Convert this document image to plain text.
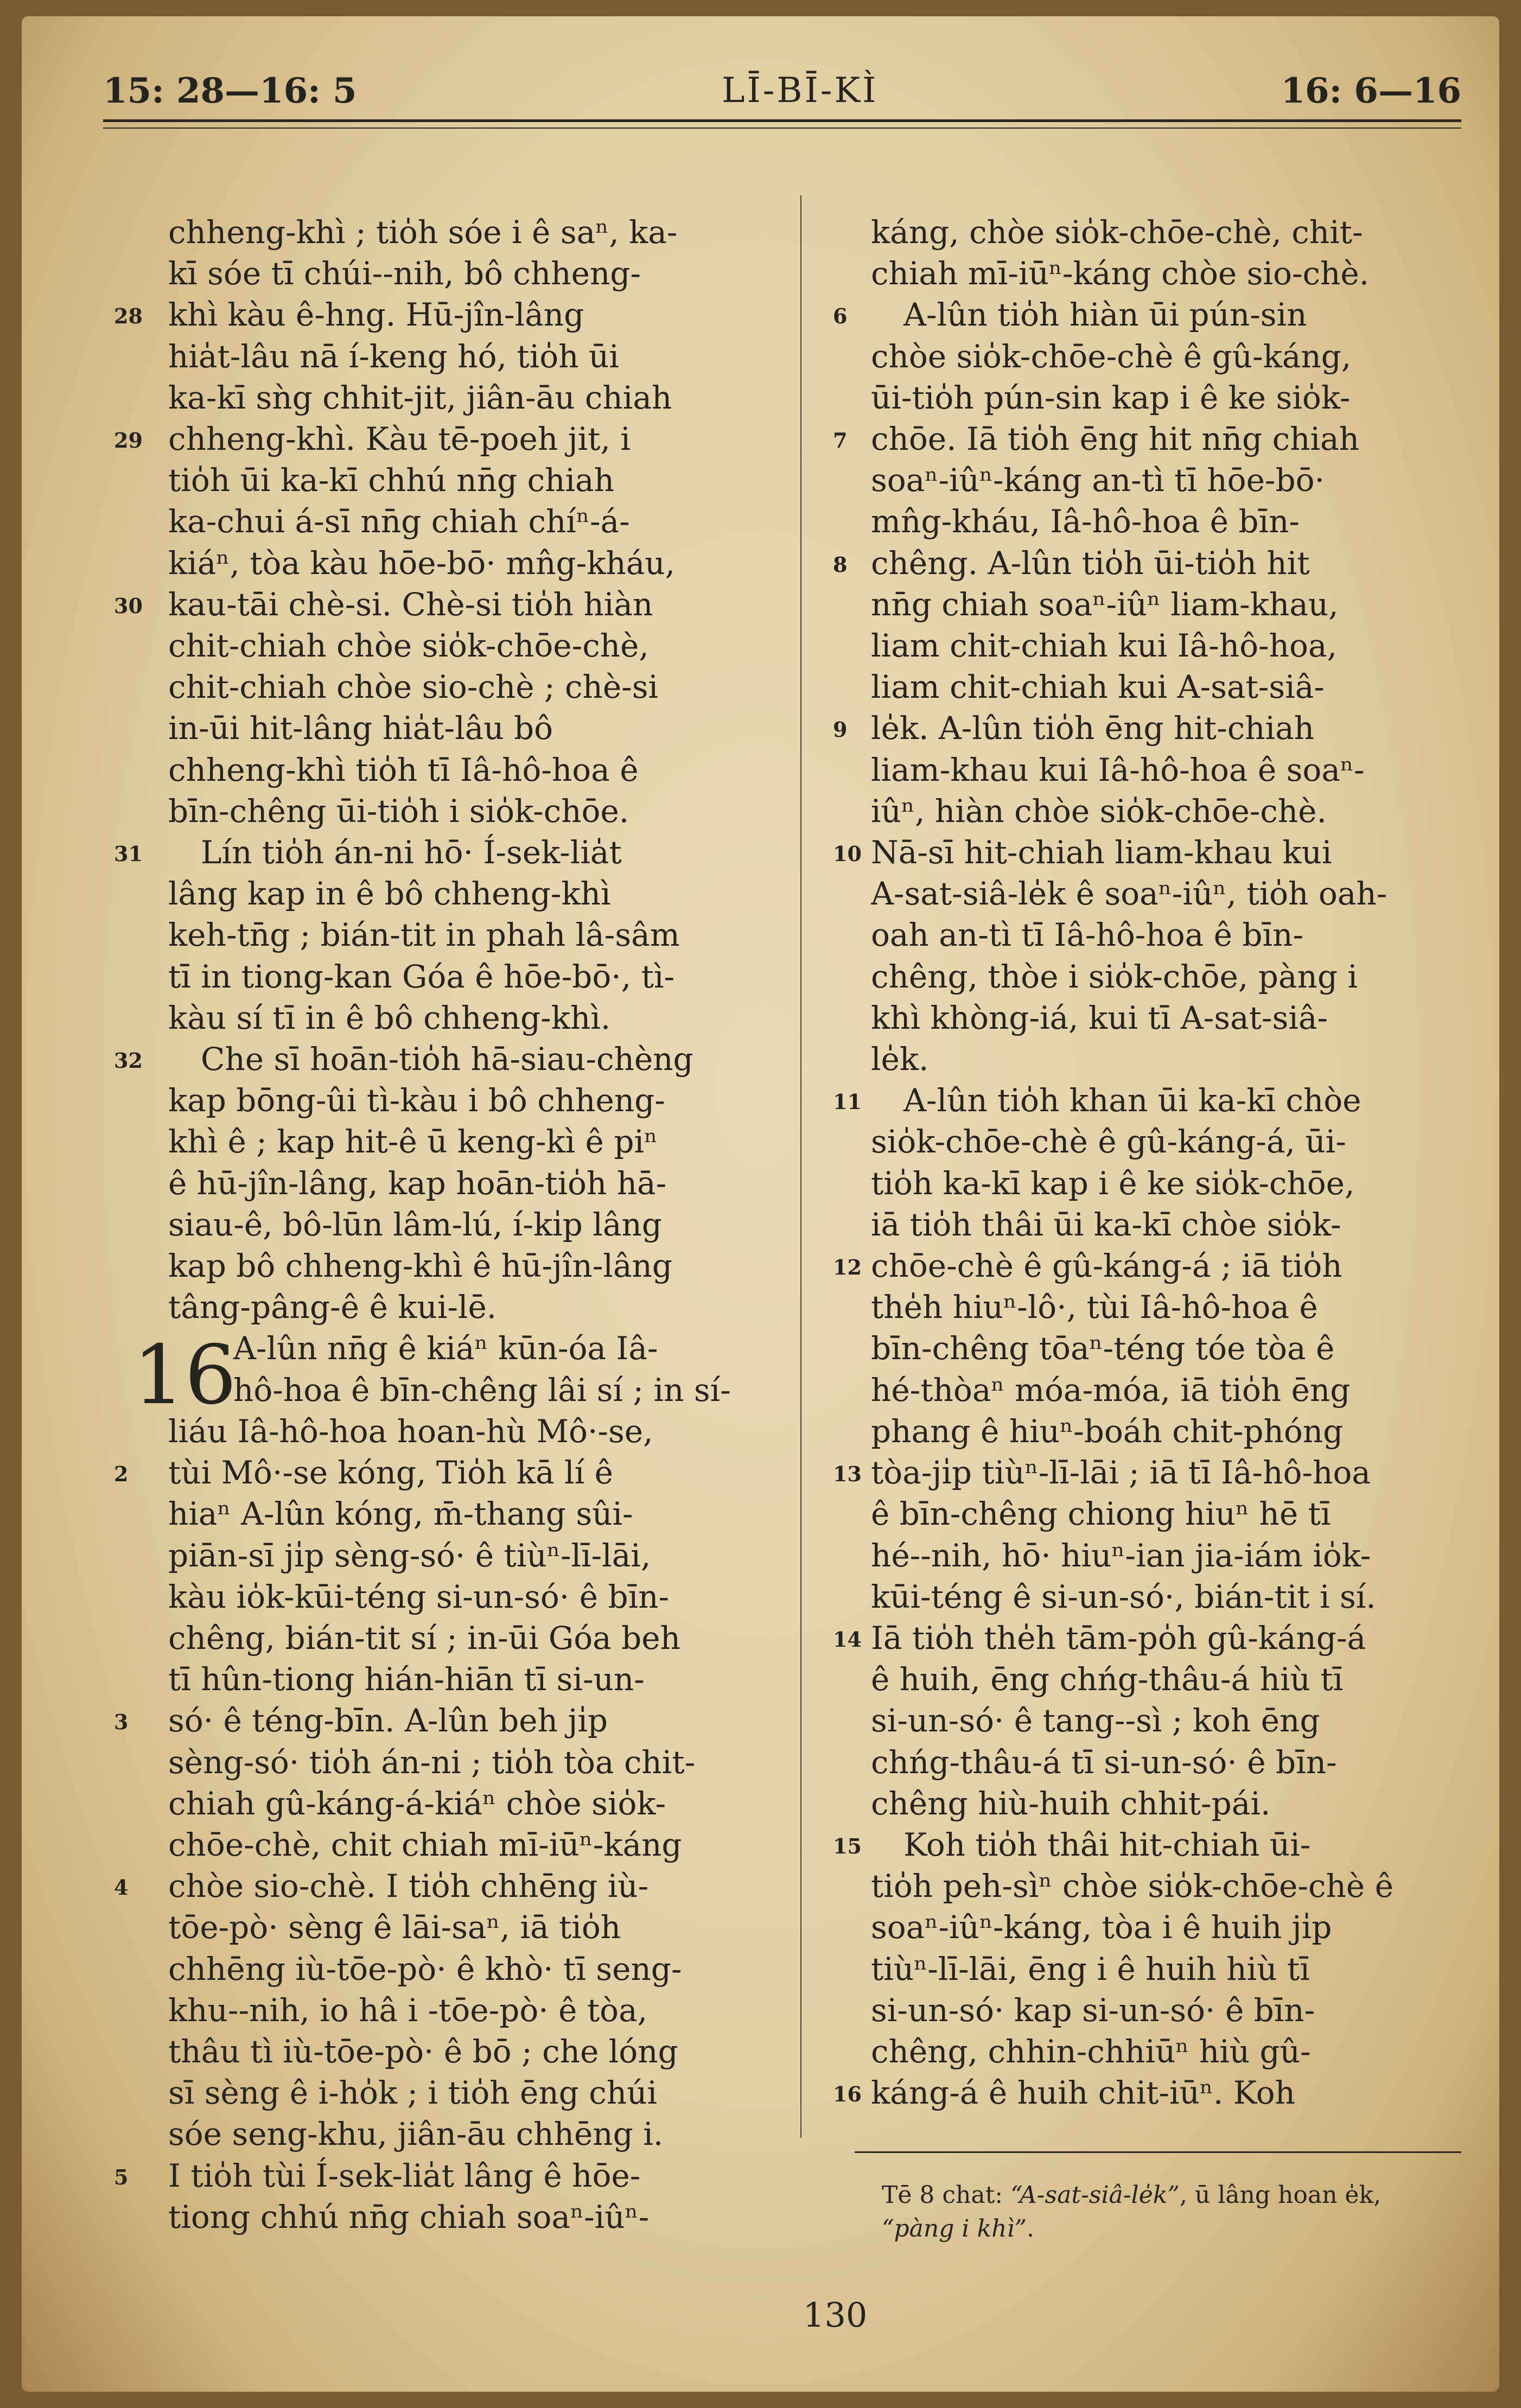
15: 28—16: 5	LĪ-BĪ-KÌ	16: 6—16
28
29
30
31
32
16
2
3
4
5
chheng-khì ; tio̍h sóe i ê saⁿ, ka-
kī sóe tī chúi--nih, bô chheng-
khì kàu ê-hng. Hū-jîn-lâng
hia̍t-lâu nā í-keng hó, tio̍h ūi
ka-kī sǹg chhit-jit, jiân-āu chiah
chheng-khì. Kàu tē-poeh jit, i
tio̍h ūi ka-kī chhú nn̄g chiah
ka-chui á-sī nn̄g chiah chíⁿ-á-
kiáⁿ, tòa kàu hōe-bō· mn̂g-kháu,
kau-tāi chè-si. Chè-si tio̍h hiàn
chit-chiah chòe sio̍k-chōe-chè,
chit-chiah chòe sio-chè ; chè-si
in-ūi hit-lâng hia̍t-lâu bô
chheng-khì tio̍h tī Iâ-hô-hoa ê
bīn-chêng ūi-tio̍h i sio̍k-chōe.
Lín tio̍h án-ni hō· Í-sek-lia̍t
lâng kap in ê bô chheng-khì
keh-tn̄g ; bián-tit in phah lâ-sâm
tī in tiong-kan Góa ê hōe-bō·, tì-
kàu sí tī in ê bô chheng-khì.
Che sī hoān-tio̍h hā-siau-chèng
kap bōng-ûi tì-kàu i bô chheng-
khì ê ; kap hit-ê ū keng-kì ê piⁿ
ê hū-jîn-lâng, kap hoān-tio̍h hā-
siau-ê, bô-lūn lâm-lú, í-ki̍p lâng
kap bô chheng-khì ê hū-jîn-lâng
tâng-pâng-ê ê kui-lē.
A-lûn nn̄g ê kiáⁿ kūn-óa Iâ-
hô-hoa ê bīn-chêng lâi sí ; in sí-
liáu Iâ-hô-hoa hoan-hù Mô·-se,
tùi Mô·-se kóng, Tio̍h kā lí ê
hiaⁿ A-lûn kóng, m̄-thang sûi-
piān-sī ji̍p sèng-só· ê tiùⁿ-lī-lāi,
kàu io̍k-kūi-téng si-un-só· ê bīn-
chêng, bián-tit sí ; in-ūi Góa beh
tī hûn-tiong hián-hiān tī si-un-
só· ê téng-bīn. A-lûn beh ji̍p
sèng-só· tio̍h án-ni ; tio̍h tòa chit-
chiah gû-káng-á-kiáⁿ chòe sio̍k-
chōe-chè, chit chiah mī-iūⁿ-káng
chòe sio-chè. I tio̍h chhēng iù-
tōe-pò· sèng ê lāi-saⁿ, iā tio̍h
chhēng iù-tōe-pò· ê khò· tī seng-
khu--nih, io hâ i -tōe-pò· ê tòa,
thâu tì iù-tōe-pò· ê bō ; che lóng
sī sèng ê i-ho̍k ; i tio̍h ēng chúi
sóe seng-khu, jiân-āu chhēng i.
I tio̍h tùi Í-sek-lia̍t lâng ê hōe-
tiong chhú nn̄g chiah soaⁿ-iûⁿ-
6
7
8
9
10
11
12
13
14
15
16
káng, chòe sio̍k-chōe-chè, chit-
chiah mī-iūⁿ-káng chòe sio-chè.
A-lûn tio̍h hiàn ūi pún-sin
chòe sio̍k-chōe-chè ê gû-káng,
ūi-tio̍h pún-sin kap i ê ke sio̍k-
chōe. Iā tio̍h ēng hit nn̄g chiah
soaⁿ-iûⁿ-káng an-tì tī hōe-bō·
mn̂g-kháu, Iâ-hô-hoa ê bīn-
chêng. A-lûn tio̍h ūi-tio̍h hit
nn̄g chiah soaⁿ-iûⁿ liam-khau,
liam chit-chiah kui Iâ-hô-hoa,
liam chit-chiah kui A-sat-siâ-
le̍k. A-lûn tio̍h ēng hit-chiah
liam-khau kui Iâ-hô-hoa ê soaⁿ-
iûⁿ, hiàn chòe sio̍k-chōe-chè.
Nā-sī hit-chiah liam-khau kui
A-sat-siâ-le̍k ê soaⁿ-iûⁿ, tio̍h oah-
oah an-tì tī Iâ-hô-hoa ê bīn-
chêng, thòe i sio̍k-chōe, pàng i
khì khòng-iá, kui tī A-sat-siâ-
le̍k.
A-lûn tio̍h khan ūi ka-kī chòe
sio̍k-chōe-chè ê gû-káng-á, ūi-
tio̍h ka-kī kap i ê ke sio̍k-chōe,
iā tio̍h thâi ūi ka-kī chòe sio̍k-
chōe-chè ê gû-káng-á ; iā tio̍h
the̍h hiuⁿ-lô·, tùi Iâ-hô-hoa ê
bīn-chêng tōaⁿ-téng tóe tòa ê
hé-thòaⁿ móa-móa, iā tio̍h ēng
phang ê hiuⁿ-boáh chit-phóng
tòa-ji̍p tiùⁿ-lī-lāi ; iā tī Iâ-hô-hoa
ê bīn-chêng chiong hiuⁿ hē tī
hé--nih, hō· hiuⁿ-ian jia-iám io̍k-
kūi-téng ê si-un-só·, bián-tit i sí.
Iā tio̍h the̍h tām-po̍h gû-káng-á
ê huih, ēng chńg-thâu-á hiù tī
si-un-só· ê tang--sì ; koh ēng
chńg-thâu-á tī si-un-só· ê bīn-
chêng hiù-huih chhit-pái.
Koh tio̍h thâi hit-chiah ūi-
tio̍h peh-sìⁿ chòe sio̍k-chōe-chè ê
soaⁿ-iûⁿ-káng, tòa i ê huih ji̍p
tiùⁿ-lī-lāi, ēng i ê huih hiù tī
si-un-só· kap si-un-só· ê bīn-
chêng, chhin-chhiūⁿ hiù gû-
káng-á ê huih chit-iūⁿ. Koh
Tē 8 chat: “A-sat-siâ-le̍k”, ū lâng hoan e̍k,
“pàng i khì”.
130
